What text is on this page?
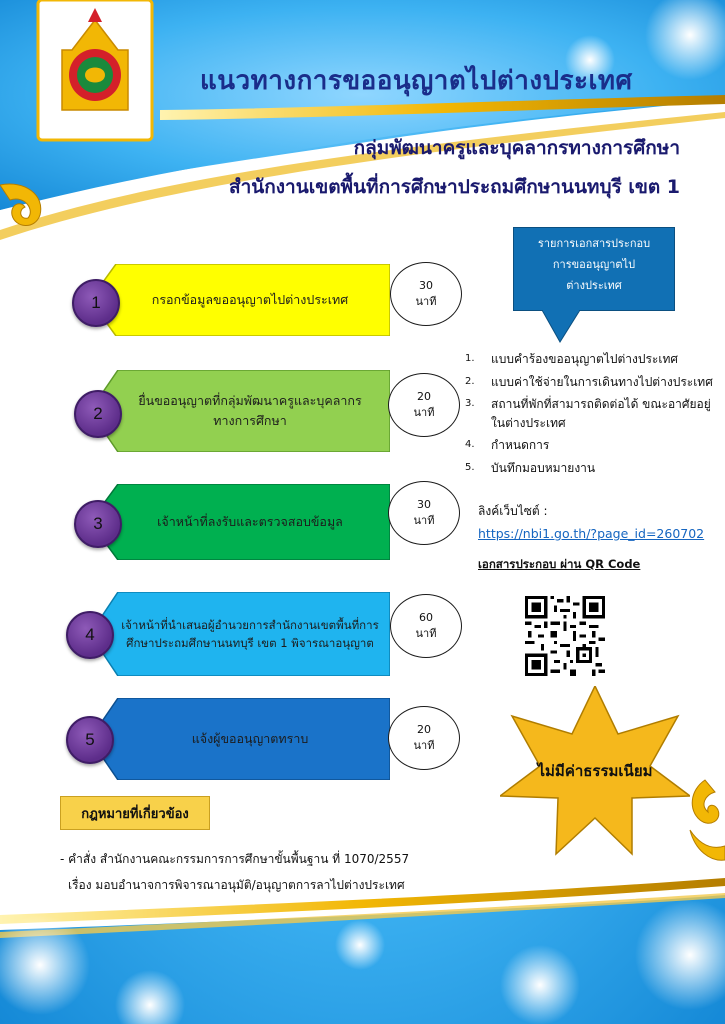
แนวทางการขออนุญาตไปต่างประเทศ
กลุ่มพัฒนาครูและบุคลากรทางการศึกษา
สำนักงานเขตพื้นที่การศึกษาประถมศึกษานนทบุรี เขต 1
กรอกข้อมูลขออนุญาตไปต่างประเทศ
1
30
นาที
ยื่นขออนุญาตที่กลุ่มพัฒนาครูและบุคลากรทางการศึกษา
2
20
นาที
เจ้าหน้าที่ลงรับและตรวจสอบข้อมูล
3
30
นาที
เจ้าหน้าที่นำเสนอผู้อำนวยการสำนักงานเขตพื้นที่การศึกษาประถมศึกษานนทบุรี เขต 1 พิจารณาอนุญาต
4
60
นาที
แจ้งผู้ขออนุญาตทราบ
5
20
นาที
รายการเอกสารประกอบ
การขออนุญาตไป
ต่างประเทศ
1.	แบบคำร้องขออนุญาตไปต่างประเทศ
2.	แบบค่าใช้จ่ายในการเดินทางไปต่างประเทศ
3.	สถานที่พักที่สามารถติดต่อได้ ขณะอาศัยอยู่ในต่างประเทศ
4.	กำหนดการ
5.	บันทึกมอบหมายงาน
ลิงค์เว็บไซต์ :
https://nbi1.go.th/?page_id=260702
เอกสารประกอบ ผ่าน QR Code
ไม่มีค่าธรรมเนียม
กฎหมายที่เกี่ยวข้อง
- คำสั่ง สำนักงานคณะกรรมการการศึกษาขั้นพื้นฐาน ที่ 1070/2557
เรื่อง มอบอำนาจการพิจารณาอนุมัติ/อนุญาตการลาไปต่างประเทศ
